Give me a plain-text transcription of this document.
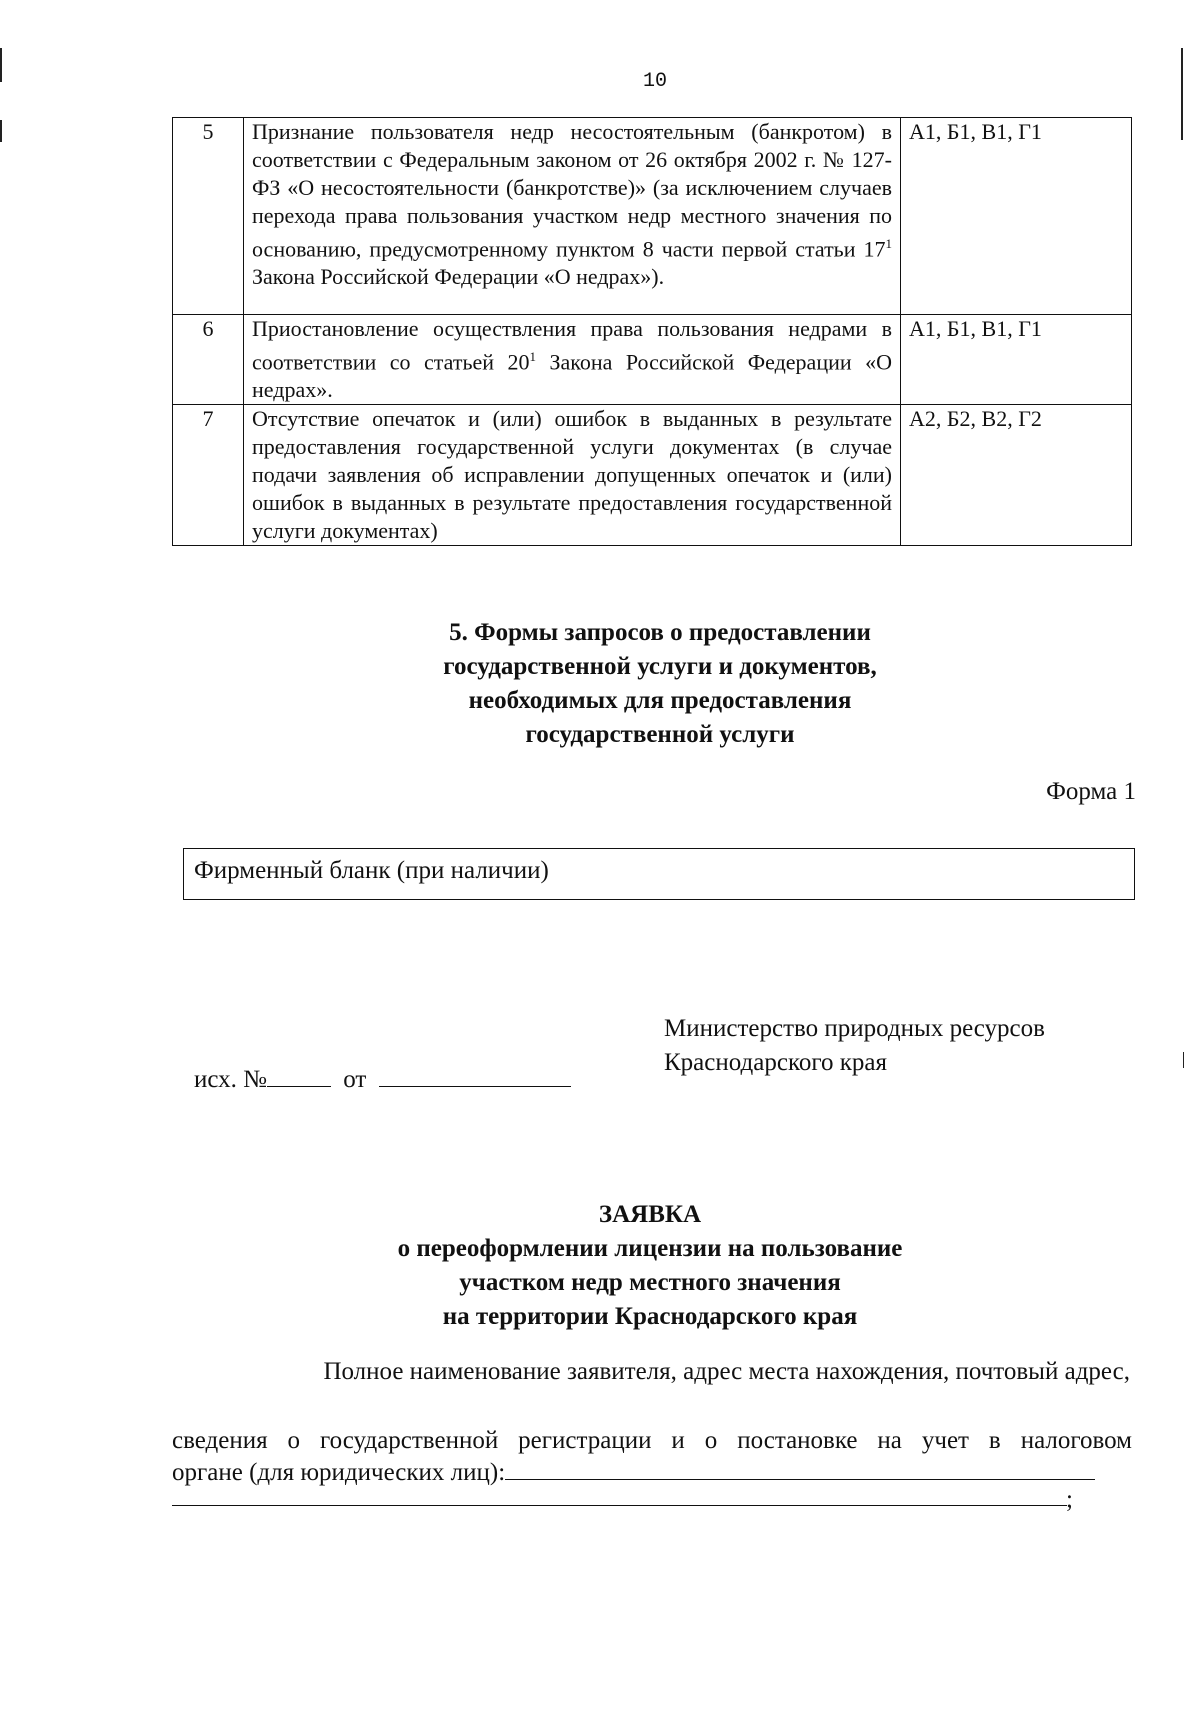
10
5	Признание пользователя недр несостоятельным (банкротом) в соответствии с Федеральным законом от 26 октября 2002 г. № 127-ФЗ «О несостоятельности (банкротстве)» (за исключением случаев перехода права пользования участком недр местного значения по основанию, предусмотренному пунктом 8 части первой статьи $17^1$ Закона Российской Федерации «О недрах»).	А1, Б1, В1, Г1
6	Приостановление осуществления права пользования недрами в соответствии со статьей $20^1$ Закона Российской Федерации «О недрах».	А1, Б1, В1, Г1
7	Отсутствие опечаток и (или) ошибок в выданных в результате предоставления государственной услуги документах (в случае подачи заявления об исправлении допущенных опечаток и (или) ошибок в выданных в результате предоставления государственной услуги документах)	А2, Б2, В2, Г2
5. Формы запросов о предоставлении
государственной услуги и документов,
необходимых для предоставления
государственной услуги
Форма 1
Фирменный бланк (при наличии)
Министерство природных ресурсов
Краснодарского края
исх. №	от
ЗАЯВКА
о переоформлении лицензии на пользование
участком недр местного значения
на территории Краснодарского края
Полное наименование заявителя, адрес места нахождения, почтовый адрес,
сведения о государственной регистрации и о постановке на учет в налоговом
органе (для юридических лиц):
;
